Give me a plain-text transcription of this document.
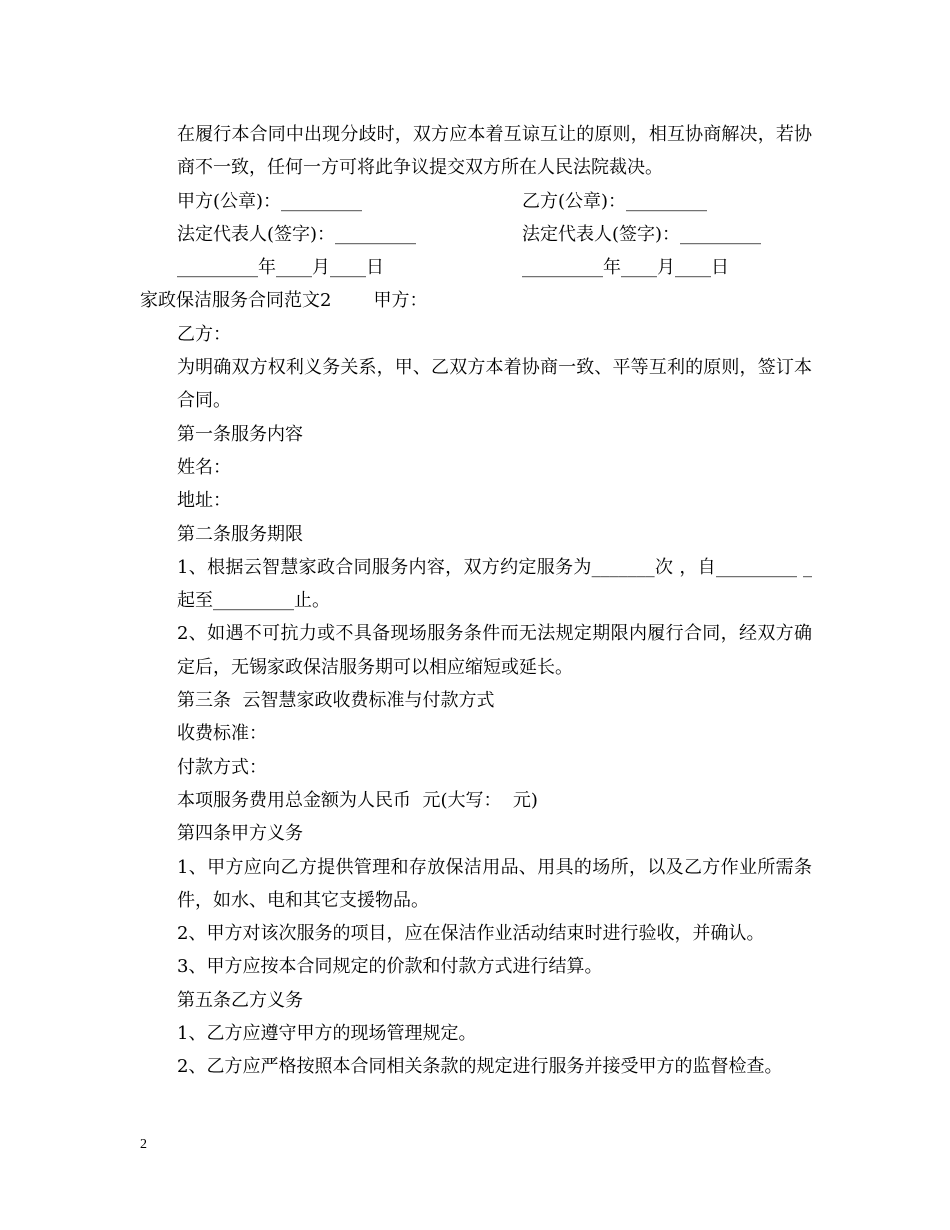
在履行本合同中出现分歧时，双方应本着互谅互让的原则，相互协商解决，若协商不一致，任何一方可将此争议提交双方所在人民法院裁决。

甲方(公章)：_________	乙方(公章)：_________
法定代表人(签字)：_________	法定代表人(签字)：_________
_________年____月____日	_________年____月____日

家政保洁服务合同范文2 甲方：

乙方：

为明确双方权利义务关系，甲、乙双方本着协商一致、平等互利的原则，签订本合同。

第一条服务内容

姓名：

地址：

第二条服务期限

1、根据云智慧家政合同服务内容，双方约定服务为_______次 ，自_________ _起至_________止。

2、如遇不可抗力或不具备现场服务条件而无法规定期限内履行合同，经双方确定后，无锡家政保洁服务期可以相应缩短或延长。

第三条  云智慧家政收费标准与付款方式

收费标准：

付款方式：

本项服务费用总金额为人民币  元(大写：  元)

第四条甲方义务

1、甲方应向乙方提供管理和存放保洁用品、用具的场所，以及乙方作业所需条件，如水、电和其它支援物品。

2、甲方对该次服务的项目，应在保洁作业活动结束时进行验收，并确认。

3、甲方应按本合同规定的价款和付款方式进行结算。

第五条乙方义务

1、乙方应遵守甲方的现场管理规定。

2、乙方应严格按照本合同相关条款的规定进行服务并接受甲方的监督检查。

2
